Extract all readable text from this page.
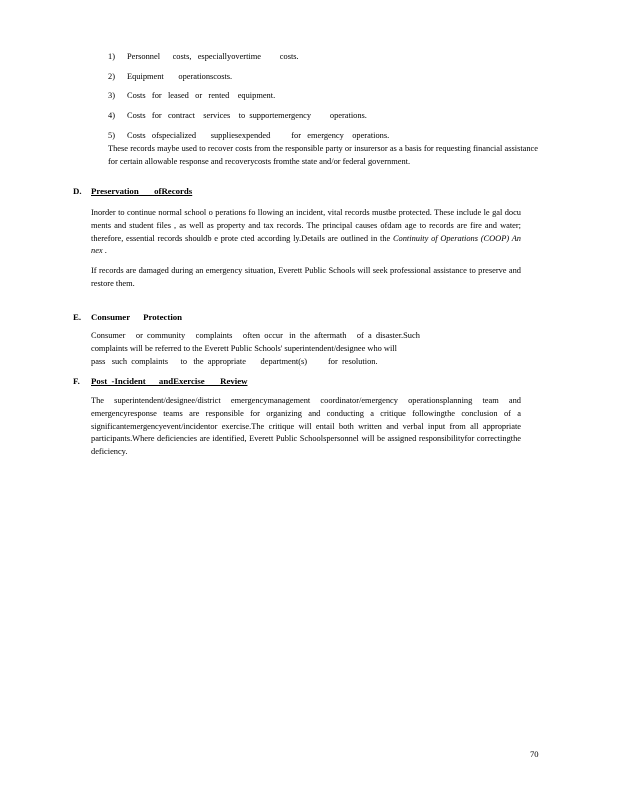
1)	Personnel      costs,   especiallyovertime         costs.
2)	Equipment       operationscosts.
3)	Costs   for   leased   or   rented    equipment.
4)	Costs   for   contract    services    to  supportemergency         operations.
5)	Costs   ofspecialized       suppliesexpended          for   emergency    operations.
These records maybe used to recover costs from the responsible party or insurersor as a basis for requesting financial assistance for certain allowable response and recoverycosts fromthe state and/or federal government.
D.	Preservation       ofRecords
Inorder to continue normal school o perations fo llowing an incident, vital records mustbe protected. These include le gal docu ments and student files , as well as property and tax records. The principal causes ofdam age to records are fire and water; therefore, essential records shouldb e prote cted according ly.Details are outlined in the Continuity of Operations (COOP) An nex .
If records are damaged during an emergency situation, Everett Public Schools will seek professional assistance to preserve and restore them.
E.	Consumer      Protection
Consumer     or  community     complaints     often  occur   in  the  aftermath     of  a  disaster.Such
complaints will be referred to the Everett Public Schools' superintendent/designee who will
pass   such  complaints      to   the  appropriate       department(s)          for  resolution.
F.	Post  -Incident      andExercise       Review
The superintendent/designee/district emergencymanagement coordinator/emergency operationsplanning team and emergencyresponse teams are responsible for organizing and conducting a critique followingthe conclusion of a significantemergencyevent/incidentor exercise.The critique will entail both written and verbal input from all appropriate participants.Where deficiencies are identified, Everett Public Schoolspersonnel will be assigned responsibilityfor correctingthe deficiency.
70
